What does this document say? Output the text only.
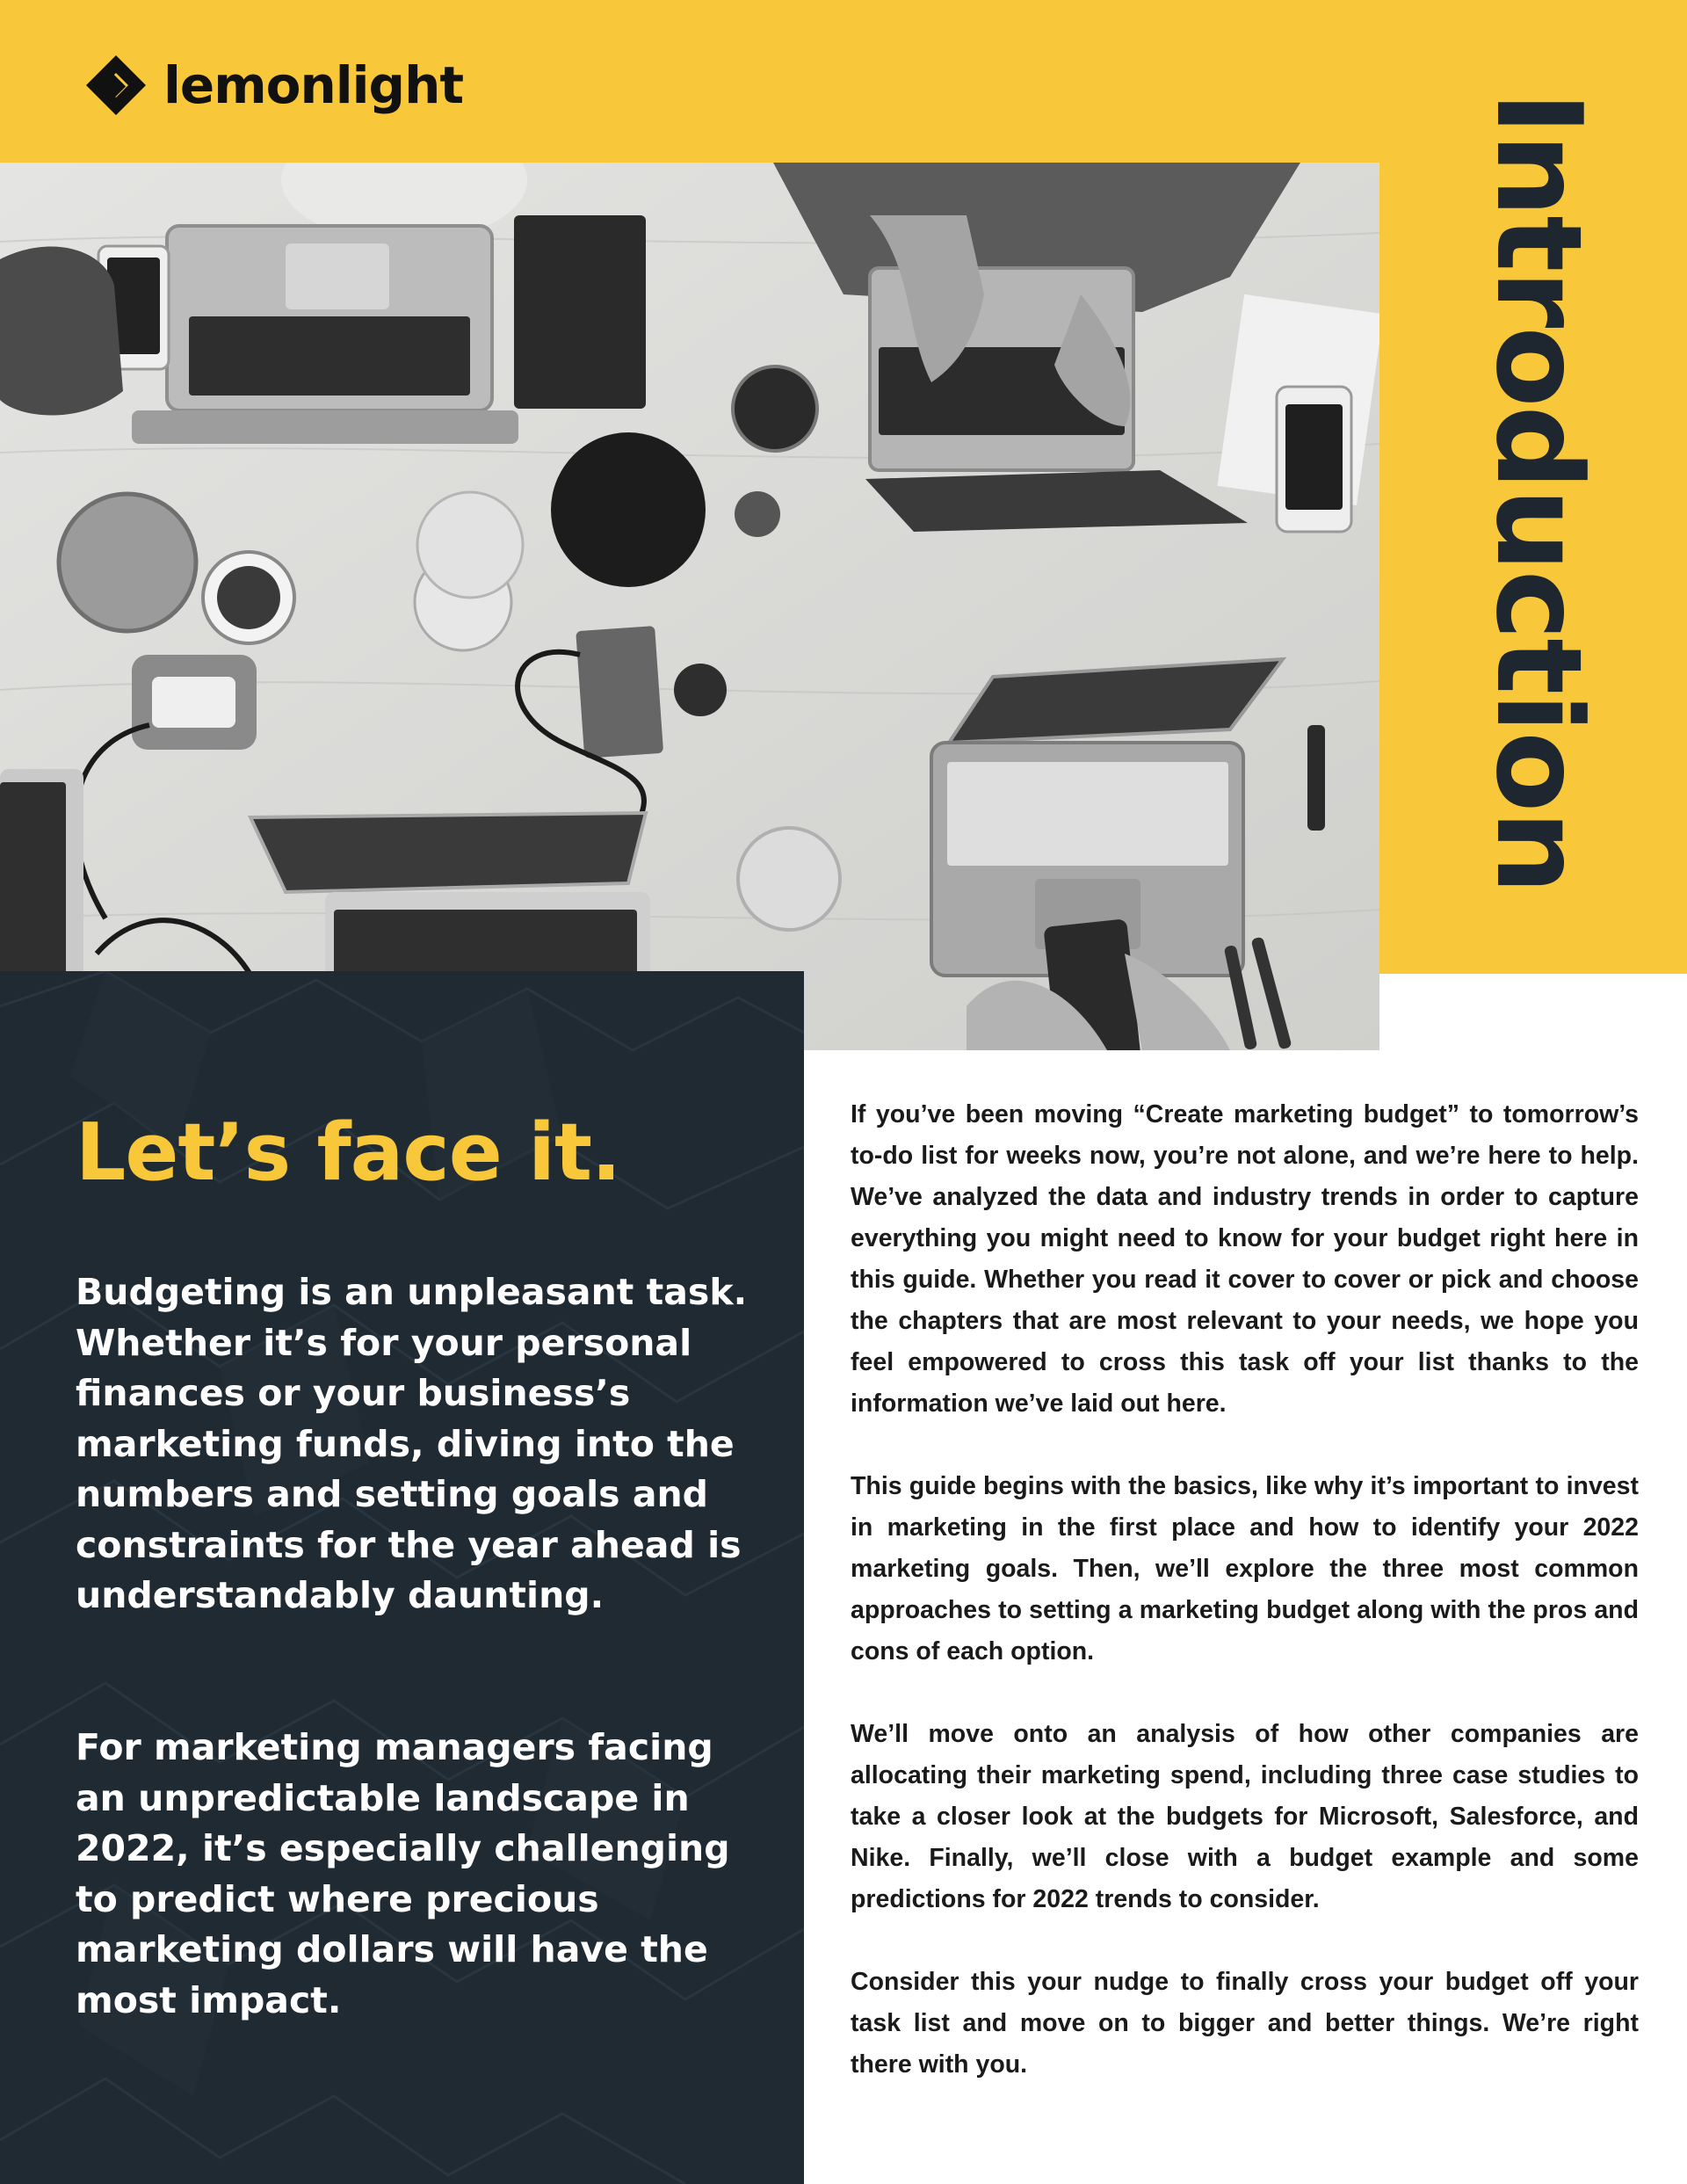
lemonlight
Introduction
Let’s face it.

Budgeting is an unpleasant task. Whether it’s for your personal finances or your business’s marketing funds, diving into the numbers and setting goals and constraints for the year ahead is understandably daunting.

For marketing managers facing an unpredictable landscape in 2022, it’s especially challenging to predict where precious marketing dollars will have the most impact.

If you’ve been moving “Create marketing budget” to tomorrow’s to-do list for weeks now, you’re not alone, and we’re here to help. We’ve analyzed the data and industry trends in order to capture everything you might need to know for your budget right here in this guide. Whether you read it cover to cover or pick and choose the chapters that are most relevant to your needs, we hope you feel empowered to cross this task off your list thanks to the information we’ve laid out here.

This guide begins with the basics, like why it’s important to invest in marketing in the first place and how to identify your 2022 marketing goals. Then, we’ll explore the three most common approaches to setting a marketing budget along with the pros and cons of each option.

We’ll move onto an analysis of how other companies are allocating their marketing spend, including three case studies to take a closer look at the budgets for Microsoft, Salesforce, and Nike. Finally, we’ll close with a budget example and some predictions for 2022 trends to consider.

Consider this your nudge to finally cross your budget off your task list and move on to bigger and better things. We’re right there with you.
